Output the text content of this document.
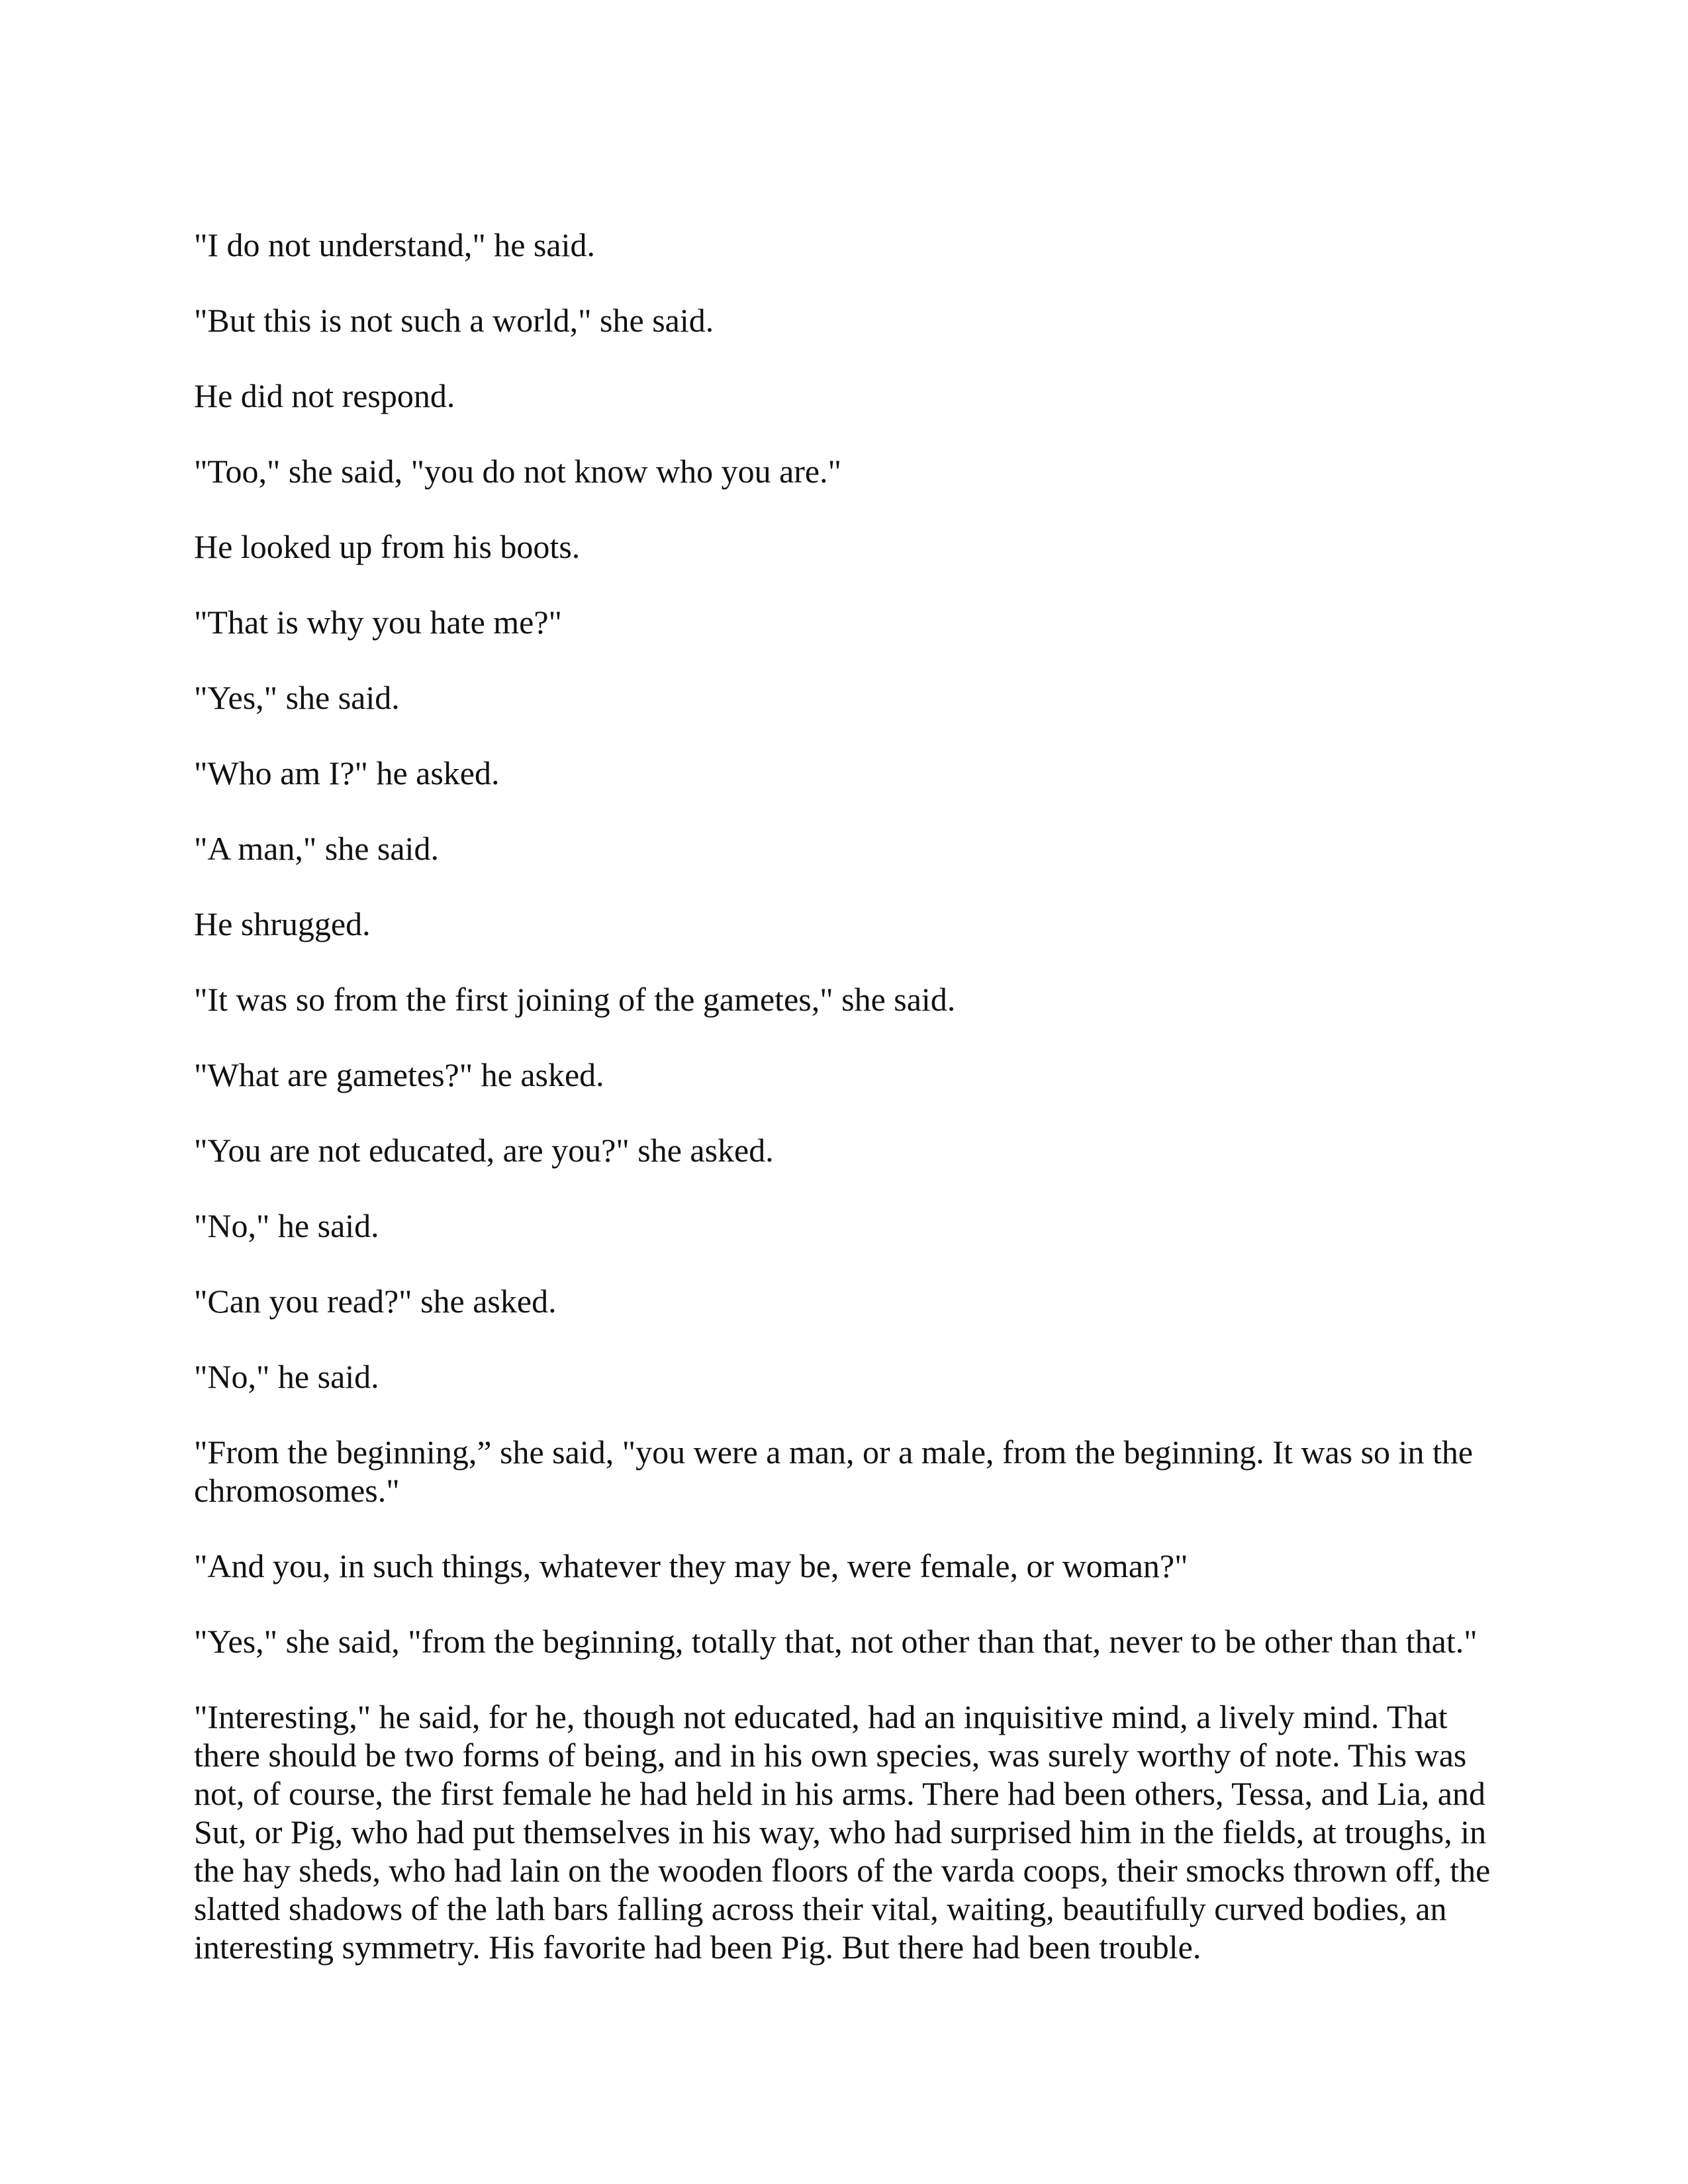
"I do not understand," he said.

"But this is not such a world," she said.

He did not respond.

"Too," she said, "you do not know who you are."

He looked up from his boots.

"That is why you hate me?"

"Yes," she said.

"Who am I?" he asked.

"A man," she said.

He shrugged.

"It was so from the first joining of the gametes," she said.

"What are gametes?" he asked.

"You are not educated, are you?" she asked.

"No," he said.

"Can you read?" she asked.

"No," he said.

"From the beginning,” she said, "you were a man, or a male, from the beginning. It was so in the chromosomes."

"And you, in such things, whatever they may be, were female, or woman?"

"Yes," she said, "from the beginning, totally that, not other than that, never to be other than that."

"Interesting," he said, for he, though not educated, had an inquisitive mind, a lively mind. That there should be two forms of being, and in his own species, was surely worthy of note. This was not, of course, the first female he had held in his arms. There had been others, Tessa, and Lia, and Sut, or Pig, who had put themselves in his way, who had surprised him in the fields, at troughs, in the hay sheds, who had lain on the wooden floors of the varda coops, their smocks thrown off, the slatted shadows of the lath bars falling across their vital, waiting, beautifully curved bodies, an interesting symmetry. His favorite had been Pig. But there had been trouble.
